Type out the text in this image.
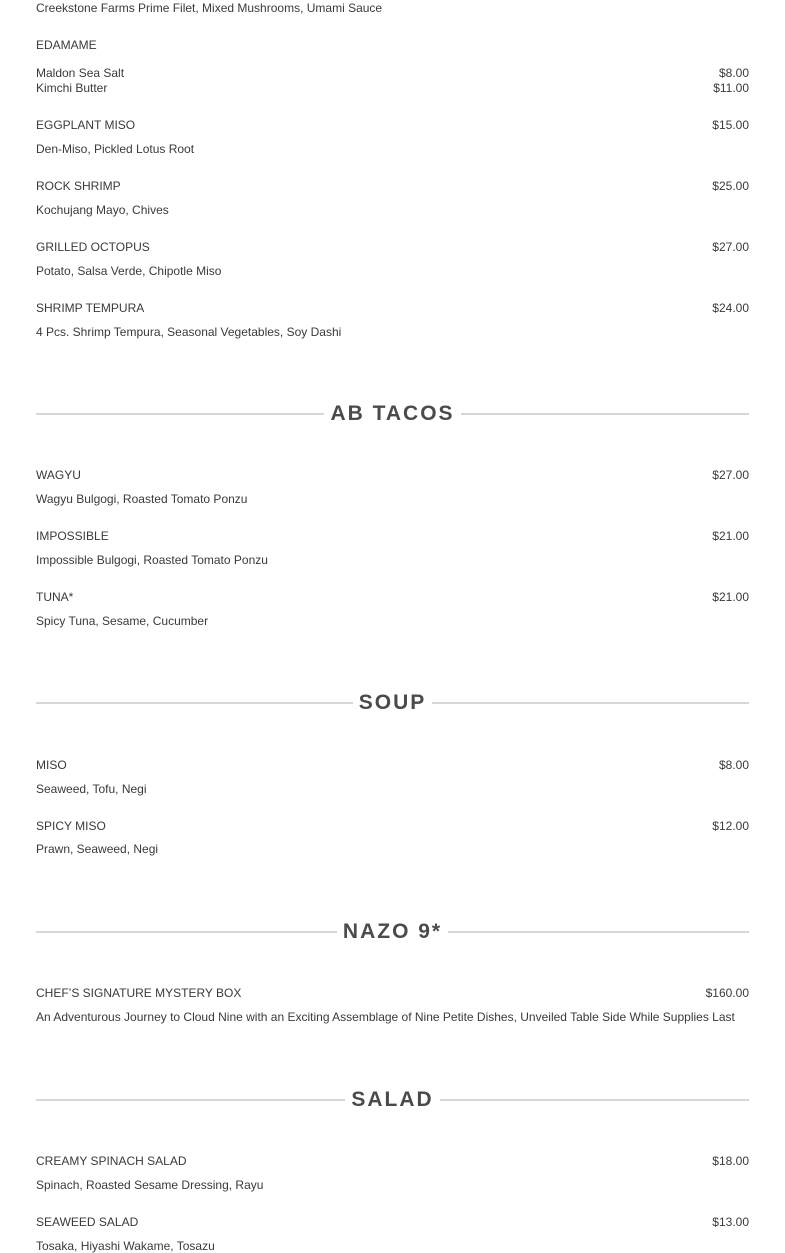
Creekstone Farms Prime Filet, Mixed Mushrooms, Umami Sauce
EDAMAME
Maldon Sea Salt	$8.00
Kimchi Butter	$11.00
EGGPLANT MISO	$15.00
Den-Miso, Pickled Lotus Root
ROCK SHRIMP	$25.00
Kochujang Mayo, Chives
GRILLED OCTOPUS	$27.00
Potato, Salsa Verde, Chipotle Miso
SHRIMP TEMPURA	$24.00
4 Pcs. Shrimp Tempura, Seasonal Vegetables, Soy Dashi
AB TACOS
WAGYU	$27.00
Wagyu Bulgogi, Roasted Tomato Ponzu
IMPOSSIBLE	$21.00
Impossible Bulgogi, Roasted Tomato Ponzu
TUNA*	$21.00
Spicy Tuna, Sesame, Cucumber
SOUP
MISO	$8.00
Seaweed, Tofu, Negi
SPICY MISO	$12.00
Prawn, Seaweed, Negi
NAZO 9*
CHEF’S SIGNATURE MYSTERY BOX	$160.00
An Adventurous Journey to Cloud Nine with an Exciting Assemblage of Nine Petite Dishes, Unveiled Table Side While Supplies Last
SALAD
CREAMY SPINACH SALAD	$18.00
Spinach, Roasted Sesame Dressing, Rayu
SEAWEED SALAD	$13.00
Tosaka, Hiyashi Wakame, Tosazu
